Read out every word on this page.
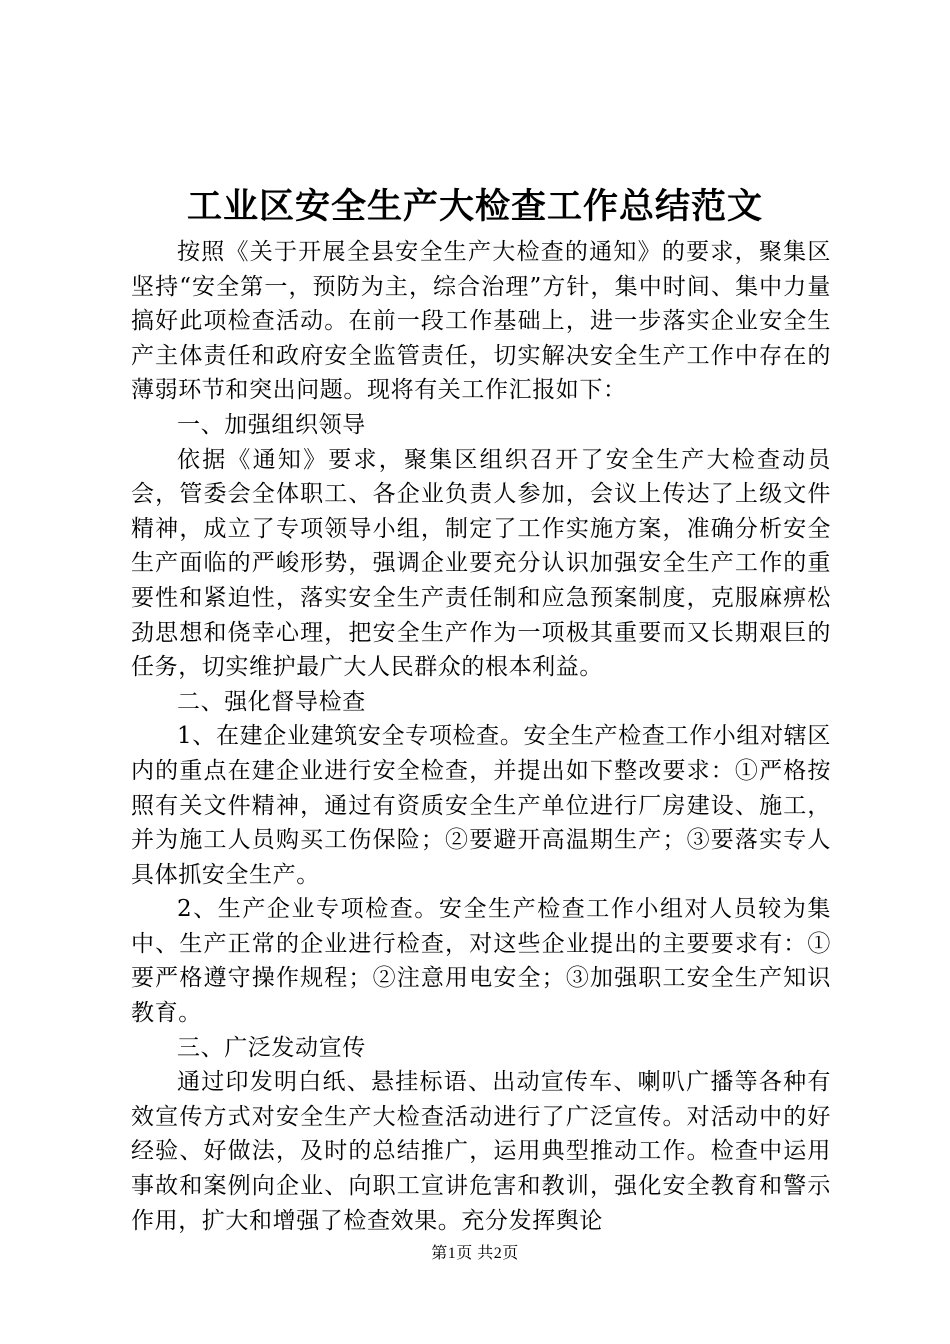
工业区安全生产大检查工作总结范文

按照《关于开展全县安全生产大检查的通知》的要求，聚集区坚持“安全第一，预防为主，综合治理”方针，集中时间、集中力量搞好此项检查活动。在前一段工作基础上，进一步落实企业安全生产主体责任和政府安全监管责任，切实解决安全生产工作中存在的薄弱环节和突出问题。现将有关工作汇报如下：

一、加强组织领导

依据《通知》要求，聚集区组织召开了安全生产大检查动员会，管委会全体职工、各企业负责人参加，会议上传达了上级文件精神，成立了专项领导小组，制定了工作实施方案，准确分析安全生产面临的严峻形势，强调企业要充分认识加强安全生产工作的重要性和紧迫性，落实安全生产责任制和应急预案制度，克服麻痹松劲思想和侥幸心理，把安全生产作为一项极其重要而又长期艰巨的任务，切实维护最广大人民群众的根本利益。

二、强化督导检查

1、在建企业建筑安全专项检查。安全生产检查工作小组对辖区内的重点在建企业进行安全检查，并提出如下整改要求：①严格按照有关文件精神，通过有资质安全生产单位进行厂房建设、施工，并为施工人员购买工伤保险；②要避开高温期生产；③要落实专人具体抓安全生产。

2、生产企业专项检查。安全生产检查工作小组对人员较为集中、生产正常的企业进行检查，对这些企业提出的主要要求有：①要严格遵守操作规程；②注意用电安全；③加强职工安全生产知识教育。

三、广泛发动宣传

通过印发明白纸、悬挂标语、出动宣传车、喇叭广播等各种有效宣传方式对安全生产大检查活动进行了广泛宣传。对活动中的好经验、好做法，及时的总结推广，运用典型推动工作。检查中运用事故和案例向企业、向职工宣讲危害和教训，强化安全教育和警示作用，扩大和增强了检查效果。充分发挥舆论

第1页 共2页
